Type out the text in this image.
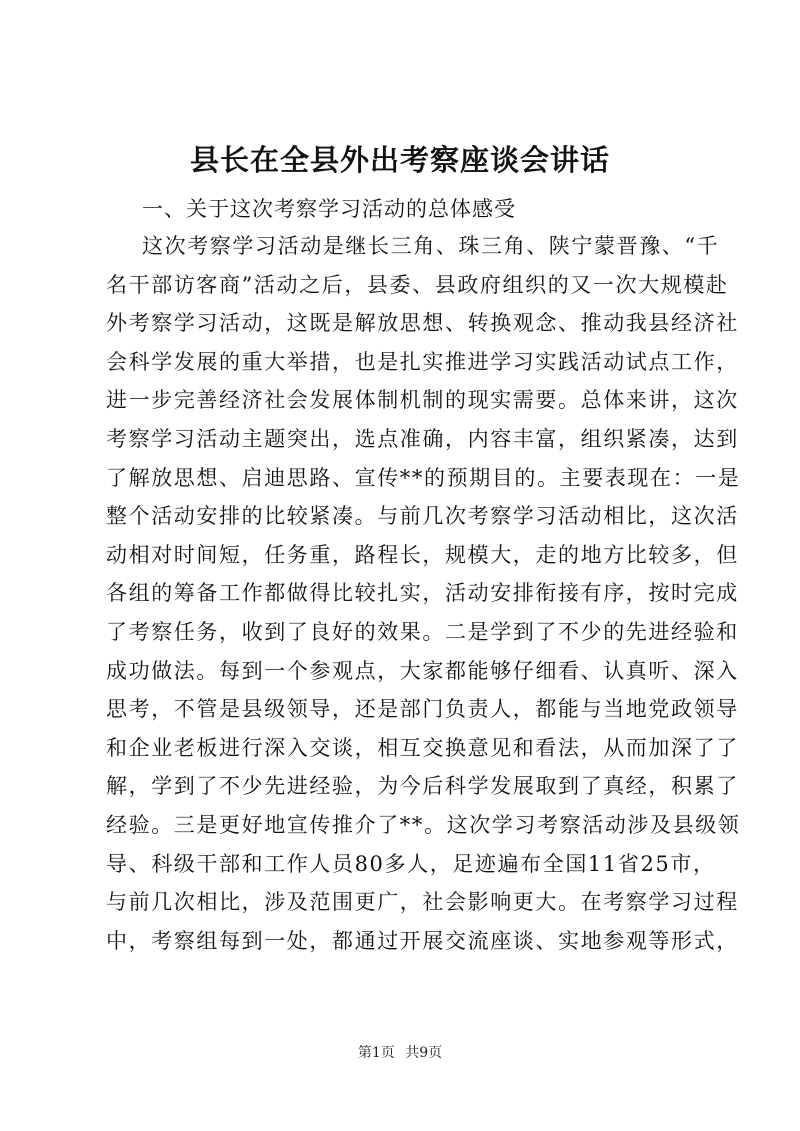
县长在全县外出考察座谈会讲话

一、关于这次考察学习活动的总体感受

这次考察学习活动是继长三角、珠三角、陕宁蒙晋豫、“千
名干部访客商”活动之后，县委、县政府组织的又一次大规模赴
外考察学习活动，这既是解放思想、转换观念、推动我县经济社
会科学发展的重大举措，也是扎实推进学习实践活动试点工作，
进一步完善经济社会发展体制机制的现实需要。总体来讲，这次
考察学习活动主题突出，选点准确，内容丰富，组织紧凑，达到
了解放思想、启迪思路、宣传**的预期目的。主要表现在：一是
整个活动安排的比较紧凑。与前几次考察学习活动相比，这次活
动相对时间短，任务重，路程长，规模大，走的地方比较多，但
各组的筹备工作都做得比较扎实，活动安排衔接有序，按时完成
了考察任务，收到了良好的效果。二是学到了不少的先进经验和
成功做法。每到一个参观点，大家都能够仔细看、认真听、深入
思考，不管是县级领导，还是部门负责人，都能与当地党政领导
和企业老板进行深入交谈，相互交换意见和看法，从而加深了了
解，学到了不少先进经验，为今后科学发展取到了真经，积累了
经验。三是更好地宣传推介了**。这次学习考察活动涉及县级领
导、科级干部和工作人员80多人，足迹遍布全国11省25市，
与前几次相比，涉及范围更广，社会影响更大。在考察学习过程
中，考察组每到一处，都通过开展交流座谈、实地参观等形式，
第1页 共9页
